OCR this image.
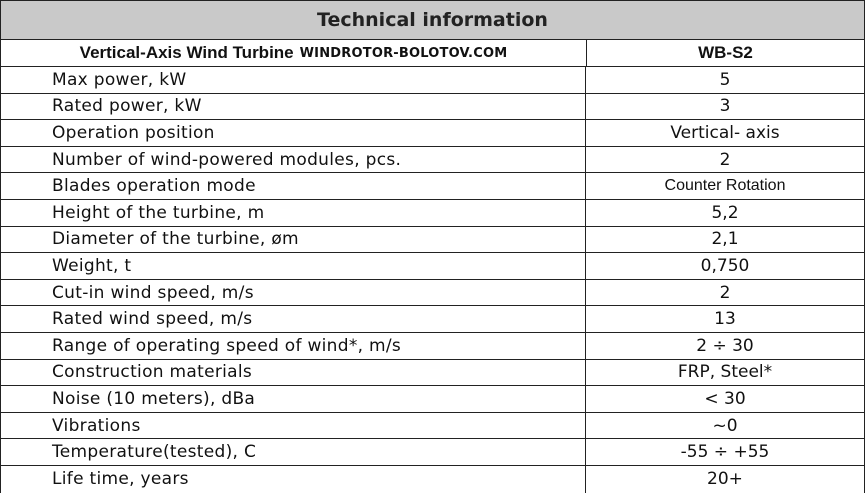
Technical information
Vertical-Axis Wind Turbine WINDROTOR-BOLOTOV.COM	WB-S2
Max power, kW	5
Rated power, kW	3
Operation position	Vertical- axis
Number of wind-powered modules, pcs.	2
Blades operation mode	Counter Rotation
Height of the turbine, m	5,2
Diameter of the turbine, øm	2,1
Weight, t	0,750
Cut-in wind speed, m/s	2
Rated wind speed, m/s	13
Range of operating speed of wind*, m/s	2 ÷ 30
Construction materials	FRP, Steel*
Noise (10 meters), dBa	< 30
Vibrations	~0
Temperature(tested), C	-55 ÷ +55
Life time, years	20+
